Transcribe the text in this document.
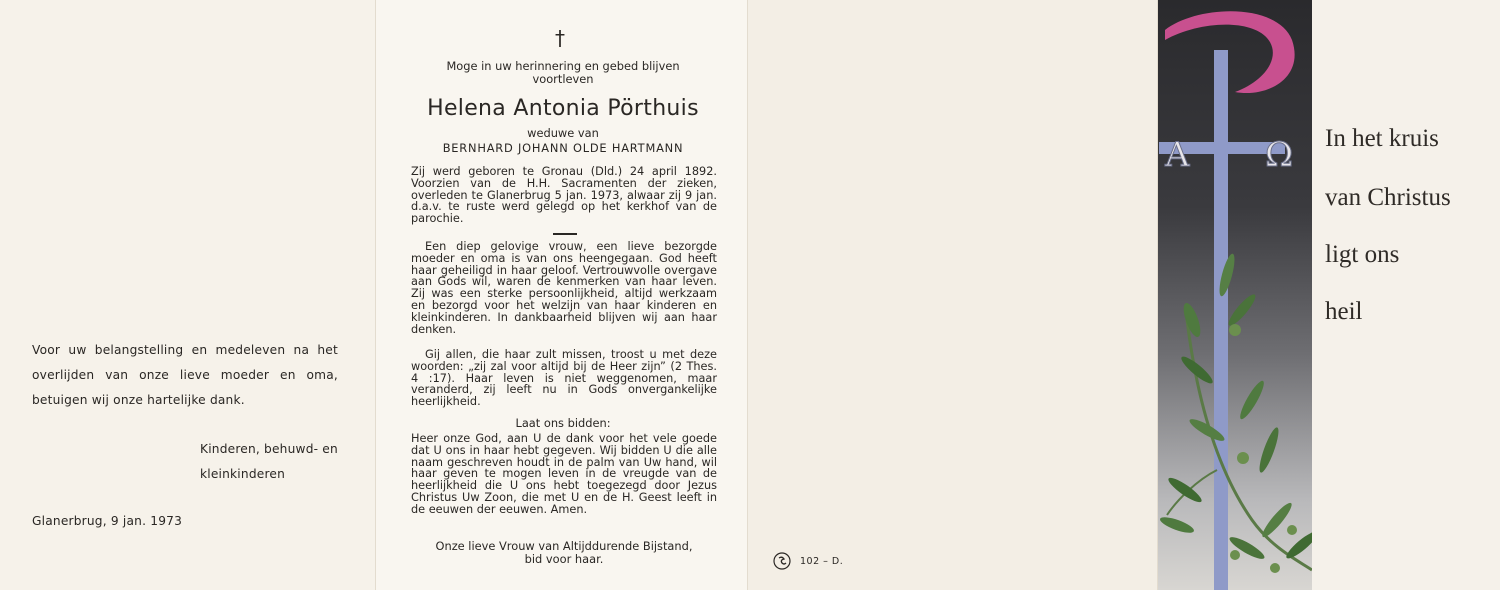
Voor uw belangstelling en medeleven na het overlijden van onze lieve moeder en oma, betuigen wij onze hartelijke dank.
Kinderen, behuwd- en
kleinkinderen
Glanerbrug, 9 jan. 1973
†
Moge in uw herinnering en gebed blijven voortleven
Helena Antonia Pörthuis
weduwe van
BERNHARD JOHANN OLDE HARTMANN
Zij werd geboren te Gronau (Dld.) 24 april 1892. Voorzien van de H.H. Sacramenten der zieken, overleden te Glanerbrug 5 jan. 1973, alwaar zij 9 jan. d.a.v. te ruste werd gelegd op het kerkhof van de parochie.
Een diep gelovige vrouw, een lieve bezorgde moeder en oma is van ons heengegaan. God heeft haar geheiligd in haar geloof. Vertrouwvolle overgave aan Gods wil, waren de kenmerken van haar leven. Zij was een sterke persoonlijkheid, altijd werkzaam en bezorgd voor het welzijn van haar kinderen en kleinkinderen. In dankbaarheid blijven wij aan haar denken.
Gij allen, die haar zult missen, troost u met deze woorden: „zij zal voor altijd bij de Heer zijn” (2 Thes. 4 :17). Haar leven is niet weggenomen, maar veranderd, zij leeft nu in Gods onvergankelijke heerlijkheid.
Laat ons bidden:
Heer onze God, aan U de dank voor het vele goede dat U ons in haar hebt gegeven. Wij bidden U die alle naam geschreven houdt in de palm van Uw hand, wil haar geven te mogen leven in de vreugde van de heerlijkheid die U ons hebt toegezegd door Jezus Christus Uw Zoon, die met U en de H. Geest leeft in de eeuwen der eeuwen. Amen.
Onze lieve Vrouw van Altijddurende Bijstand,
bid voor haar.	102 – D.
A Ω In het kruis
van Christus
ligt ons
heil
